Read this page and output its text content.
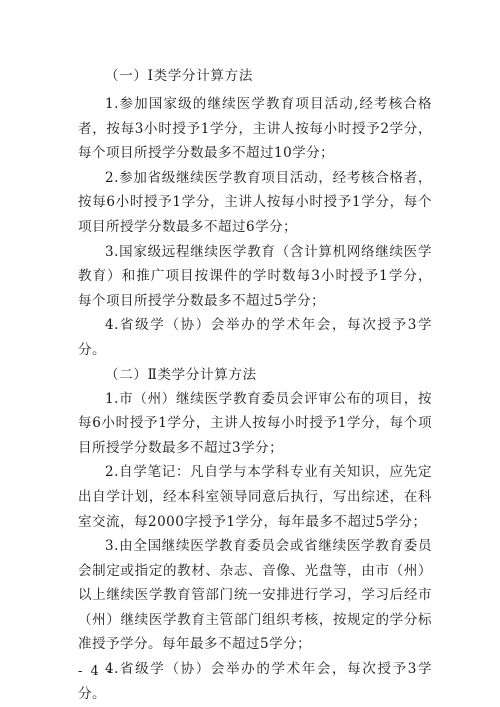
（一）Ⅰ类学分计算方法

1.参加国家级的继续医学教育项目活动,经考核合格者，按每3小时授予1学分，主讲人按每小时授予2学分，每个项目所授学分数最多不超过10学分；

2.参加省级继续医学教育项目活动，经考核合格者，按每6小时授予1学分，主讲人按每小时授予1学分，每个项目所授学分数最多不超过6学分；

3.国家级远程继续医学教育（含计算机网络继续医学教育）和推广项目按课件的学时数每3小时授予1学分，每个项目所授学分数最多不超过5学分；

4.省级学（协）会举办的学术年会，每次授予3学分。

（二）Ⅱ类学分计算方法

1.市（州）继续医学教育委员会评审公布的项目，按每6小时授予1学分，主讲人按每小时授予1学分，每个项目所授学分数最多不超过3学分；

2.自学笔记：凡自学与本学科专业有关知识，应先定出自学计划，经本科室领导同意后执行，写出综述，在科室交流，每2000字授予1学分，每年最多不超过5学分；

3.由全国继续医学教育委员会或省继续医学教育委员会制定或指定的教材、杂志、音像、光盘等，由市（州）以上继续医学教育管部门统一安排进行学习，学习后经市（州）继续医学教育主管部门组织考核，按规定的学分标准授予学分。每年最多不超过5学分；

4.省级学（协）会举办的学术年会，每次授予3学分。

- 4 -
